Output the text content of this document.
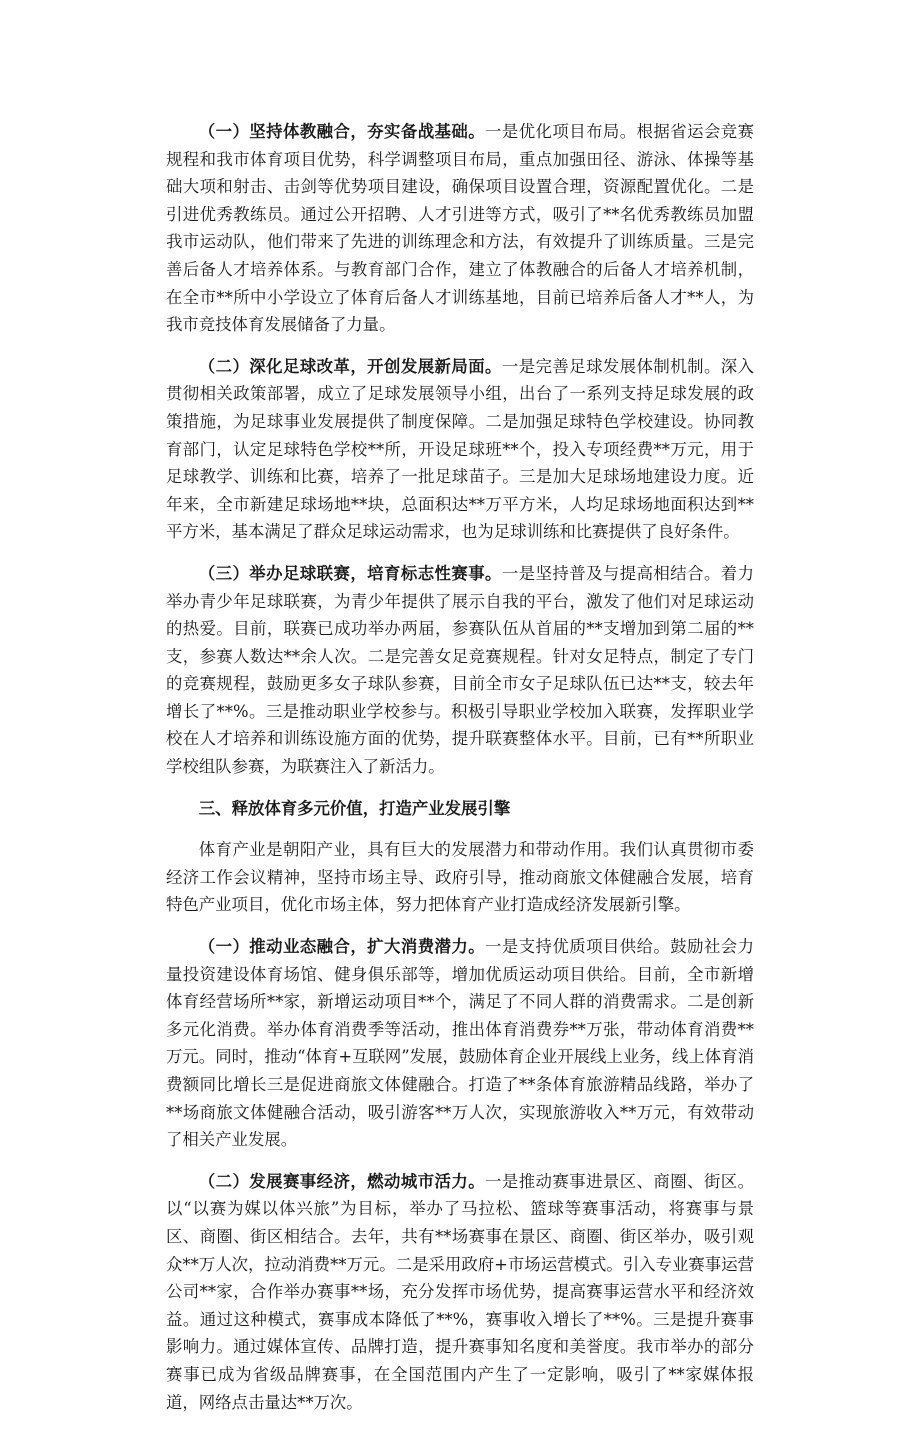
（一）坚持体教融合，夯实备战基础。一是优化项目布局。根据省运会竞赛规程和我市体育项目优势，科学调整项目布局，重点加强田径、游泳、体操等基础大项和射击、击剑等优势项目建设，确保项目设置合理，资源配置优化。二是引进优秀教练员。通过公开招聘、人才引进等方式，吸引了**名优秀教练员加盟我市运动队，他们带来了先进的训练理念和方法，有效提升了训练质量。三是完善后备人才培养体系。与教育部门合作，建立了体教融合的后备人才培养机制，在全市**所中小学设立了体育后备人才训练基地，目前已培养后备人才**人，为我市竞技体育发展储备了力量。

（二）深化足球改革，开创发展新局面。一是完善足球发展体制机制。深入贯彻相关政策部署，成立了足球发展领导小组，出台了一系列支持足球发展的政策措施，为足球事业发展提供了制度保障。二是加强足球特色学校建设。协同教育部门，认定足球特色学校**所，开设足球班**个，投入专项经费**万元，用于足球教学、训练和比赛，培养了一批足球苗子。三是加大足球场地建设力度。近年来，全市新建足球场地**块，总面积达**万平方米，人均足球场地面积达到**平方米，基本满足了群众足球运动需求，也为足球训练和比赛提供了良好条件。

（三）举办足球联赛，培育标志性赛事。一是坚持普及与提高相结合。着力举办青少年足球联赛，为青少年提供了展示自我的平台，激发了他们对足球运动的热爱。目前，联赛已成功举办两届，参赛队伍从首届的**支增加到第二届的**支，参赛人数达**余人次。二是完善女足竞赛规程。针对女足特点，制定了专门的竞赛规程，鼓励更多女子球队参赛，目前全市女子足球队伍已达**支，较去年增长了**%。三是推动职业学校参与。积极引导职业学校加入联赛，发挥职业学校在人才培养和训练设施方面的优势，提升联赛整体水平。目前，已有**所职业学校组队参赛，为联赛注入了新活力。

三、释放体育多元价值，打造产业发展引擎

体育产业是朝阳产业，具有巨大的发展潜力和带动作用。我们认真贯彻市委经济工作会议精神，坚持市场主导、政府引导，推动商旅文体健融合发展，培育特色产业项目，优化市场主体，努力把体育产业打造成经济发展新引擎。

（一）推动业态融合，扩大消费潜力。一是支持优质项目供给。鼓励社会力量投资建设体育场馆、健身俱乐部等，增加优质运动项目供给。目前，全市新增体育经营场所**家，新增运动项目**个，满足了不同人群的消费需求。二是创新多元化消费。举办体育消费季等活动，推出体育消费券**万张，带动体育消费**万元。同时，推动“体育+互联网”发展，鼓励体育企业开展线上业务，线上体育消费额同比增长三是促进商旅文体健融合。打造了**条体育旅游精品线路，举办了**场商旅文体健融合活动，吸引游客**万人次，实现旅游收入**万元，有效带动了相关产业发展。

（二）发展赛事经济，燃动城市活力。一是推动赛事进景区、商圈、街区。以“以赛为媒以体兴旅”为目标，举办了马拉松、篮球等赛事活动，将赛事与景区、商圈、街区相结合。去年，共有**场赛事在景区、商圈、街区举办，吸引观众**万人次，拉动消费**万元。二是采用政府+市场运营模式。引入专业赛事运营公司**家，合作举办赛事**场，充分发挥市场优势，提高赛事运营水平和经济效益。通过这种模式，赛事成本降低了**%，赛事收入增长了**%。三是提升赛事影响力。通过媒体宣传、品牌打造，提升赛事知名度和美誉度。我市举办的部分赛事已成为省级品牌赛事，在全国范围内产生了一定影响，吸引了**家媒体报道，网络点击量达**万次。
